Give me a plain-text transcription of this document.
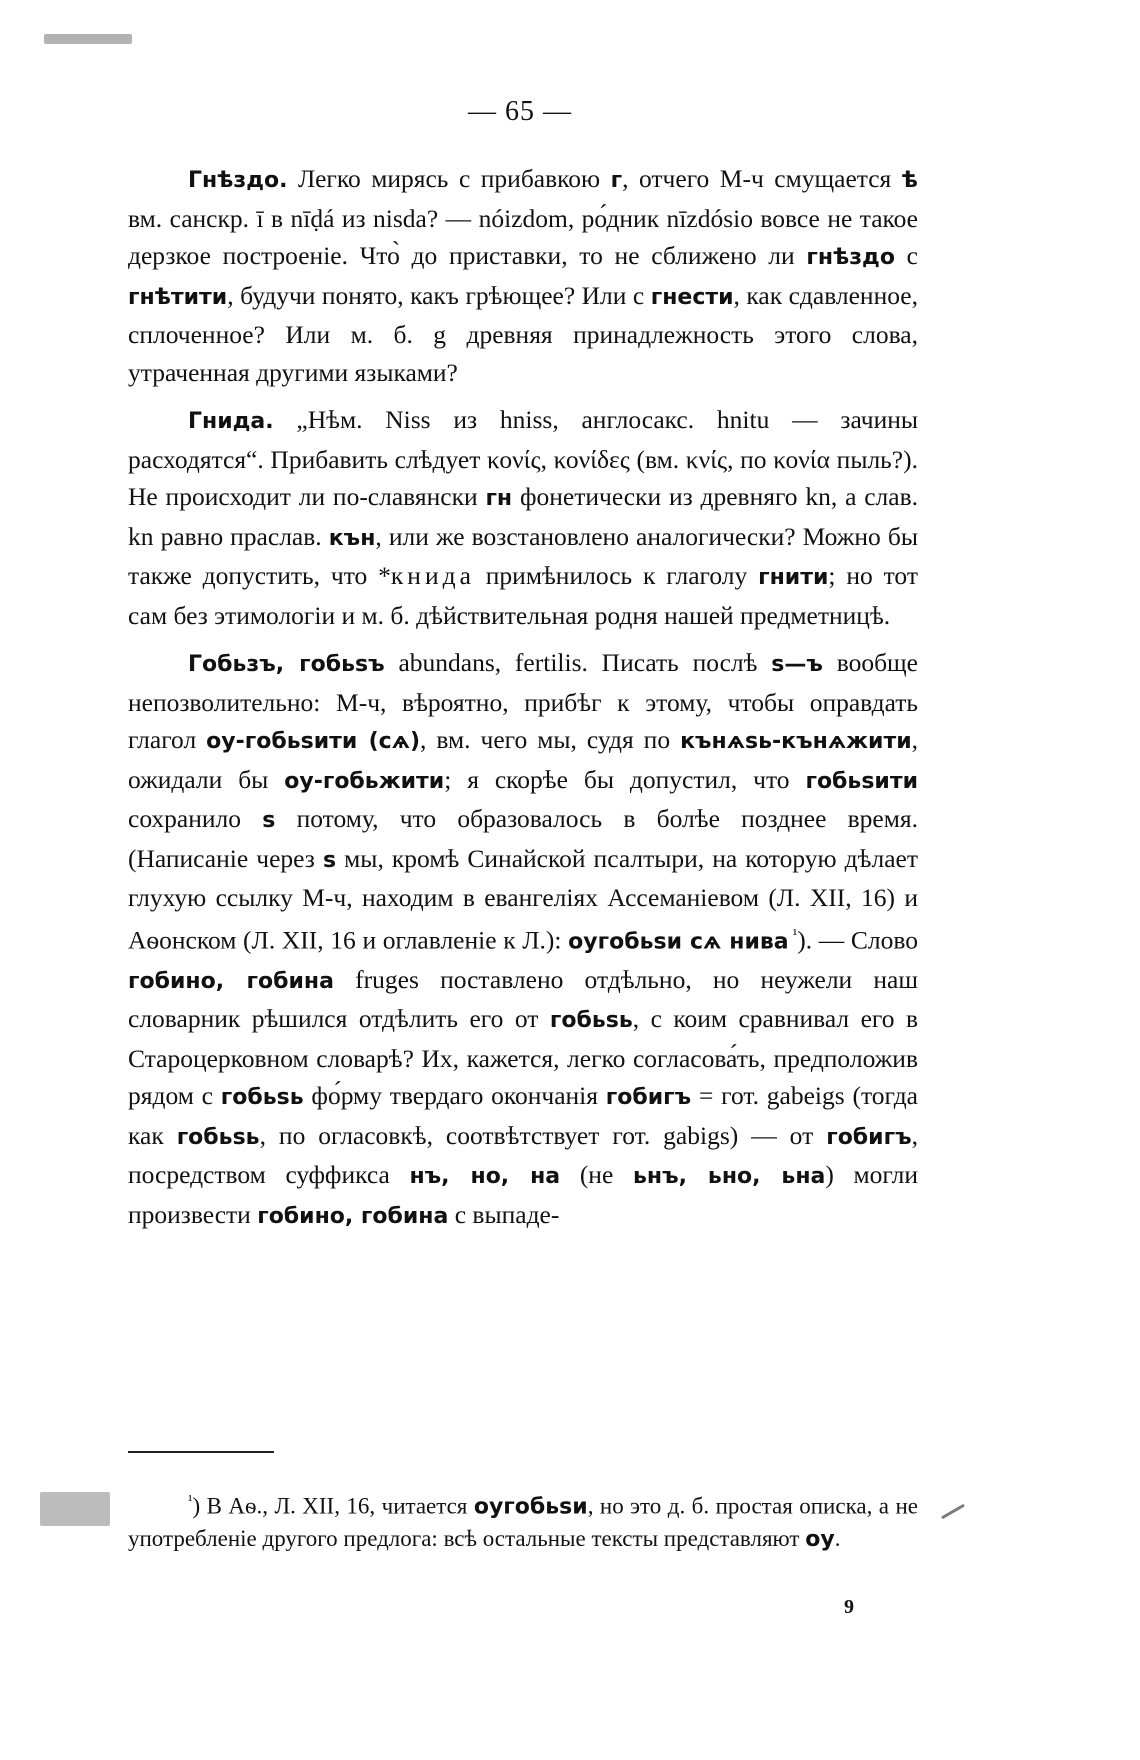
— 65 —

Гнѣздо. Легко мирясь с прибавкою г, отчего М-ч смущается ѣ вм. санскр. ī в nīḍá из nisda? — nóizdom, ро́дник nīzdósio вовсе не такое дерзкое построеніе. Что̀ до приставки, то не сближено ли гнѣздо с гнѣтити, будучи понято, какъ грѣющее? Или с гнести, как сдавленное, сплоченное? Или м. б. g древняя принадлежность этого слова, утраченная другими языками?

Гнида. „Нѣм. Niss из hniss, англосакс. hnitu — зачины расходятся“. Прибавить слѣдует κονίς, κονίδες (вм. κνίς, по κονία пыль?). Не происходит ли по-славянски гн фонетически из древняго kn, а слав. kn равно праслав. кън, или же возстановлено аналогически? Можно бы также допустить, что *книда примѣнилось к глаголу гнити; но тот сам без этимологіи и м. б. дѣйствительная родня нашей предметницѣ.

Гобьзъ, гобьѕъ abundans, fertilis. Писать послѣ ѕ—ъ вообще непозволительно: М-ч, вѣроятно, прибѣг к этому, чтобы оправдать глагол оу-гобьѕити (сѧ), вм. чего мы, судя по кънѧѕь-кънѧжити, ожидали бы оу-гобьжити; я скорѣе бы допустил, что гобьѕити сохранило ѕ потому, что образовалось в болѣе позднее время. (Написаніе через ѕ мы, кромѣ Синайской псалтыри, на которую дѣлает глухую ссылку М-ч, находим в евангеліях Ассеманіевом (Л. XII, 16) и Аѳонском (Л. XII, 16 и оглавленіе к Л.): оугобьѕи сѧ нива $^{^1}$). — Слово гобино, гобина fruges поставлено отдѣльно, но неужели наш словарник рѣшился отдѣлить его от гобьѕь, с коим сравнивал его в Староцерковном словарѣ? Их, кажется, легко согласова́ть, предположив рядом с гобьѕь фо́рму твердаго окончанія гобигъ = гот. gabeigs (тогда как гобьѕь, по огласовкѣ, соотвѣтствует гот. gabigs) — от гобигъ, посредством суффикса нъ, но, на (не ьнъ, ьно, ьна) могли произвести гобино, гобина с выпаде-

$^{^1}$) В Аѳ., Л. XII, 16, читается оугобьѕи, но это д. б. простая описка, а не употребленіе другого предлога: всѣ остальные тексты представляют оу.
9
